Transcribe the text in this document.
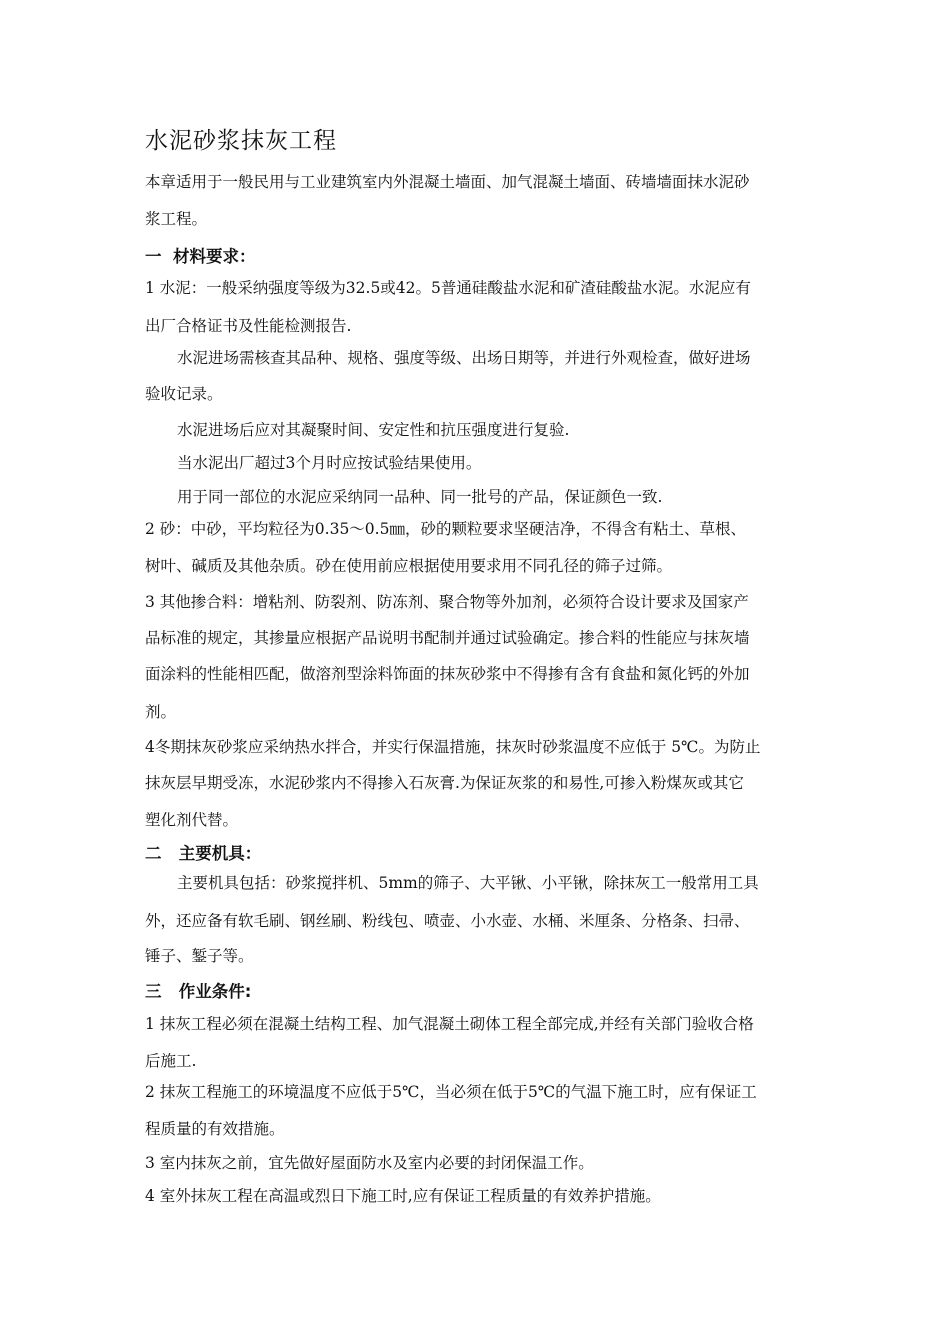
水泥砂浆抹灰工程
本章适用于一般民用与工业建筑室内外混凝土墙面、加气混凝土墙面、砖墙墙面抹水泥砂
浆工程。
一  材料要求：
1 水泥：一般采纳强度等级为32.5或42。5普通硅酸盐水泥和矿渣硅酸盐水泥。水泥应有
出厂合格证书及性能检测报告.
水泥进场需核查其品种、规格、强度等级、出场日期等，并进行外观检查，做好进场
验收记录。
水泥进场后应对其凝聚时间、安定性和抗压强度进行复验.
当水泥出厂超过3个月时应按试验结果使用。
用于同一部位的水泥应采纳同一品种、同一批号的产品，保证颜色一致.
2 砂：中砂，平均粒径为0.35～0.5㎜，砂的颗粒要求坚硬洁净，不得含有粘土、草根、
树叶、碱质及其他杂质。砂在使用前应根据使用要求用不同孔径的筛子过筛。
3 其他掺合料：增粘剂、防裂剂、防冻剂、聚合物等外加剂，必须符合设计要求及国家产
品标准的规定，其掺量应根据产品说明书配制并通过试验确定。掺合料的性能应与抹灰墙
面涂料的性能相匹配，做溶剂型涂料饰面的抹灰砂浆中不得掺有含有食盐和氮化钙的外加
剂。
4冬期抹灰砂浆应采纳热水拌合，并实行保温措施，抹灰时砂浆温度不应低于 5℃。为防止
抹灰层早期受冻，水泥砂浆内不得掺入石灰膏.为保证灰浆的和易性,可掺入粉煤灰或其它
塑化剂代替。
二   主要机具：
主要机具包括：砂浆搅拌机、5mm的筛子、大平锹、小平锹，除抹灰工一般常用工具
外，还应备有软毛刷、钢丝刷、粉线包、喷壶、小水壶、水桶、米厘条、分格条、扫帚、
锤子、錾子等。
三   作业条件:
1 抹灰工程必须在混凝土结构工程、加气混凝土砌体工程全部完成,并经有关部门验收合格
后施工.
2 抹灰工程施工的环境温度不应低于5℃，当必须在低于5℃的气温下施工时，应有保证工
程质量的有效措施。
3 室内抹灰之前，宜先做好屋面防水及室内必要的封闭保温工作。
4 室外抹灰工程在高温或烈日下施工时,应有保证工程质量的有效养护措施。
